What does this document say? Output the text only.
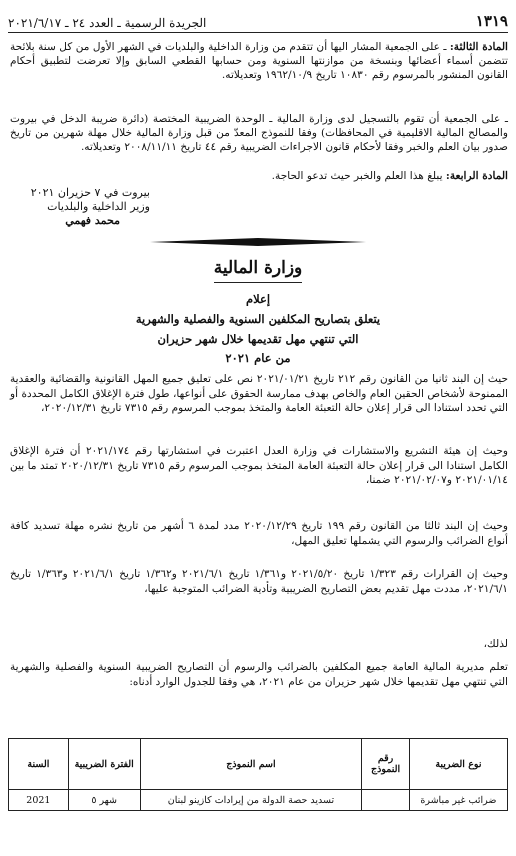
١٣١٩
الجريدة الرسمية ـ العدد ٢٤ ـ ٢٠٢١/٦/١٧

المادة الثالثة: ـ على الجمعية المشار اليها أن تتقدم من وزارة الداخلية والبلديات في الشهر الأول من كل سنة بلائحة تتضمن أسماء أعضائها وبنسخة من موازنتها السنوية ومن حسابها القطعي السابق وإلا تعرضت لتطبيق أحكام القانون المنشور بالمرسوم رقم ١٠٨٣٠ تاريخ ١٩٦٢/١٠/٩ وتعديلاته.

ـ على الجمعية أن تقوم بالتسجيل لدى وزارة المالية ـ الوحدة الضريبية المختصة (دائرة ضريبة الدخل في بيروت والمصالح المالية الاقليمية في المحافظات) وفقا للنموذج المعدّ من قبل وزارة المالية خلال مهلة شهرين من تاريخ صدور بيان العلم والخبر وفقا لأحكام قانون الاجراءات الضريبية رقم ٤٤ تاريخ ٢٠٠٨/١١/١١ وتعديلاته.

المادة الرابعة: يبلغ هذا العلم والخبر حيث تدعو الحاجة.

بيروت في ٧ حزيران ٢٠٢١
وزير الداخلية والبلديات
محمد فهمي
وزارة المالية
إعلام
يتعلق بتصاريح المكلفين السنوية والفصلية والشهرية
التي تنتهي مهل تقديمها خلال شهر حزيران
من عام ٢٠٢١
حيث إن البند ثانيا من القانون رقم ٢١٢ تاريخ ٢٠٢١/٠١/٢١ نص على تعليق جميع المهل القانونية والقضائية والعقدية الممنوحة لأشخاص الحقين العام والخاص بهدف ممارسة الحقوق على أنواعها، طول فترة الإغلاق الكامل المحددة أو التي تحدد استنادا الى قرار إعلان حالة التعبئة العامة والمتخذ بموجب المرسوم رقم ٧٣١٥ تاريخ ٢٠٢٠/١٢/٣١،
وحيث إن هيئة التشريع والاستشارات في وزارة العدل اعتبرت في استشارتها رقم ٢٠٢١/١٧٤ أن فترة الإغلاق الكامل استنادا الى قرار إعلان حالة التعبئة العامة المتخذ بموجب المرسوم رقم ٧٣١٥ تاريخ ٢٠٢٠/١٢/٣١ تمتد ما بين ٢٠٢١/٠١/١٤ و٢٠٢١/٠٢/٠٧ ضمنا،
وحيث إن البند ثالثا من القانون رقم ١٩٩ تاريخ ٢٠٢٠/١٢/٢٩ مدد لمدة ٦ أشهر من تاريخ نشره مهلة تسديد كافة أنواع الضرائب والرسوم التي يشملها تعليق المهل،
وحيث إن القرارات رقم ١/٣٢٣ تاريخ ٢٠٢١/٥/٢٠ و١/٣٦١ تاريخ ٢٠٢١/٦/١ و١/٣٦٢ تاريخ ٢٠٢١/٦/١ و١/٣٦٣ تاريخ ٢٠٢١/٦/١، مددت مهل تقديم بعض التصاريح الضريبية وتأدية الضرائب المتوجبة عليها،
لذلك،
تعلم مديرية المالية العامة جميع المكلفين بالضرائب والرسوم أن التصاريح الضريبية السنوية والفصلية والشهرية التي تنتهي مهل تقديمها خلال شهر حزيران من عام ٢٠٢١، هي وفقا للجدول الوارد أدناه:
نوع الضريبة	رقم النموذج	اسم النموذج	الفترة الضريبية	السنة
ضرائب غير مباشرة		تسديد حصة الدولة من إيرادات كازينو لبنان	شهر ٥	2021
